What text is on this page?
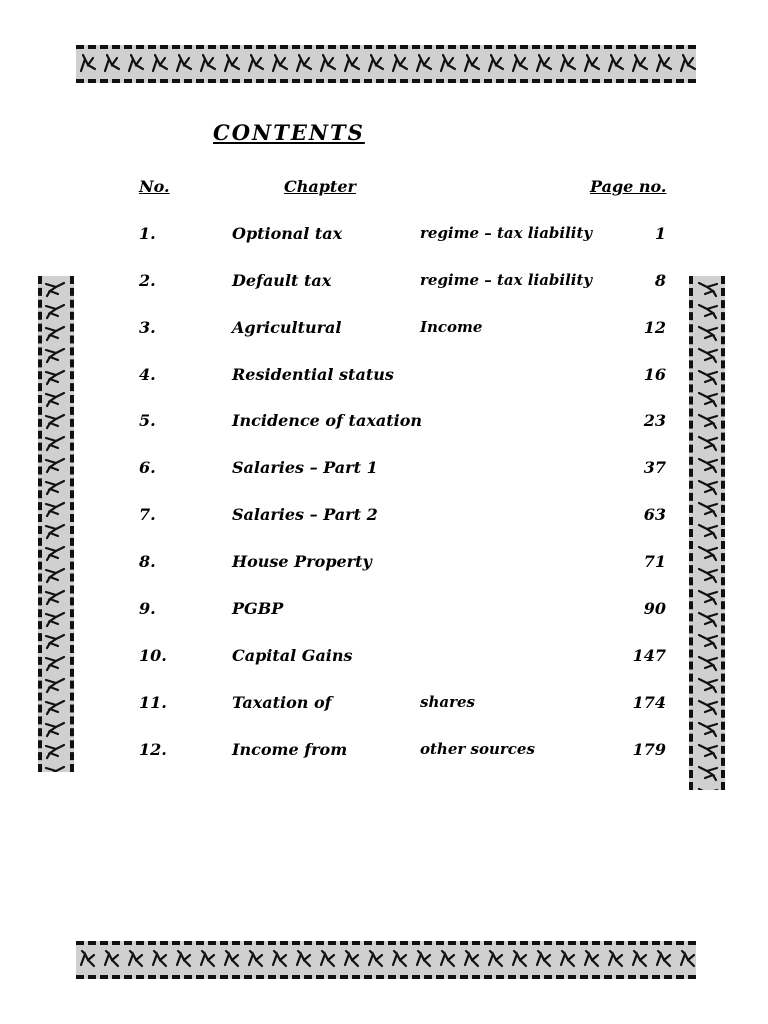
CONTENTS
No.	Chapter	Page no.
1.	Optional tax	regime – tax liability	1
2.	Default tax	regime – tax liability	8
3.	Agricultural	Income	12
4.	Residential status	16
5.	Incidence of taxation	23
6.	Salaries – Part 1	37
7.	Salaries – Part 2	63
8.	House Property	71
9.	PGBP	90
10.	Capital Gains	147
11.	Taxation of	shares	174
12.	Income from	other sources	179
